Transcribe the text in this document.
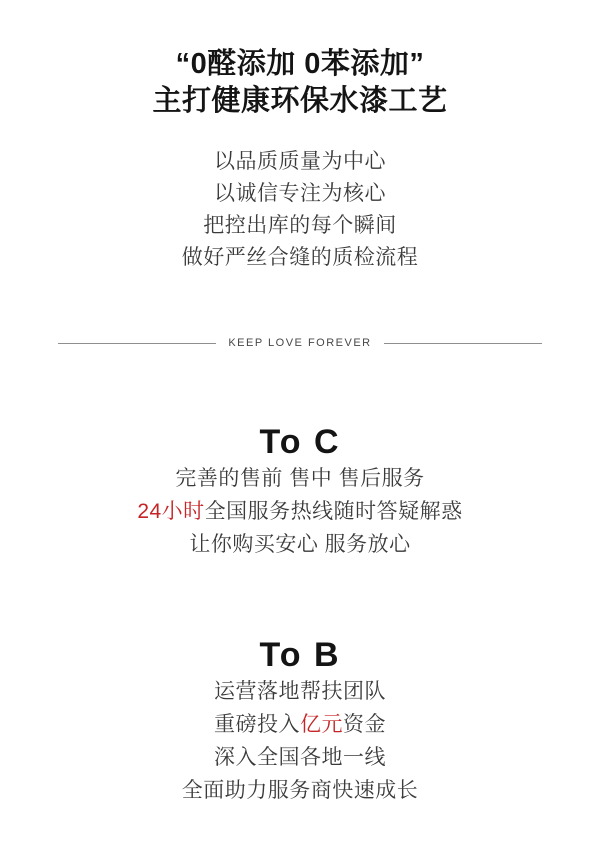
“0醛添加 0苯添加”
主打健康环保水漆工艺
以品质质量为中心
以诚信专注为核心
把控出库的每个瞬间
做好严丝合缝的质检流程
KEEP LOVE FOREVER
To C
完善的售前 售中 售后服务
24小时全国服务热线随时答疑解惑
让你购买安心 服务放心
To B
运营落地帮扶团队
重磅投入亿元资金
深入全国各地一线
全面助力服务商快速成长
